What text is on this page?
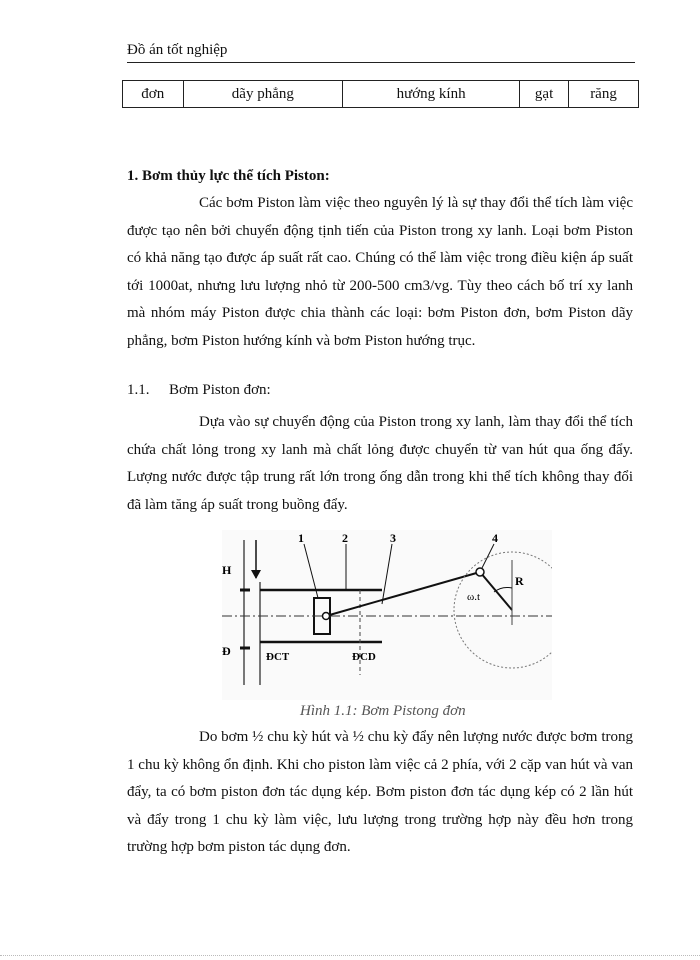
Đồ án tốt nghiệp
đơn	dãy phẳng	hướng kính	gạt	răng
1. Bơm thủy lực thể tích Piston:

Các bơm Piston làm việc theo nguyên lý là sự thay đổi thể tích làm việc được tạo nên bởi chuyển động tịnh tiến của Piston trong xy lanh. Loại bơm Piston có khả năng tạo được áp suất rất cao. Chúng có thể làm việc trong điều kiện áp suất tới 1000at, nhưng lưu lượng nhỏ từ 200-500 cm3/vg. Tùy theo cách bố trí xy lanh mà nhóm máy Piston được chia thành các loại: bơm Piston đơn, bơm Piston dãy phẳng, bơm Piston hướng kính và bơm Piston hướng trục.

1.1. Bơm Piston đơn:

Dựa vào sự chuyển động của Piston trong xy lanh, làm thay đổi thể tích chứa chất lỏng trong xy lanh mà chất lỏng được chuyển từ van hút qua ống đẩy. Lượng nước được tập trung rất lớn trong ống dẫn trong khi thể tích không thay đổi đã làm tăng áp suất trong buồng đẩy.

H
Đ
ω.t
R
1	2	3	4
ĐCT	ĐCD
Hình 1.1: Bơm Pistong đơn

Do bơm ½ chu kỳ hút và ½ chu kỳ đẩy nên lượng nước được bơm trong 1 chu kỳ không ổn định. Khi cho piston làm việc cả 2 phía, với 2 cặp van hút và van đẩy, ta có bơm piston đơn tác dụng kép. Bơm piston đơn tác dụng kép có 2 lần hút và đẩy trong 1 chu kỳ làm việc, lưu lượng trong trường hợp này đều hơn trong trường hợp bơm piston tác dụng đơn.
